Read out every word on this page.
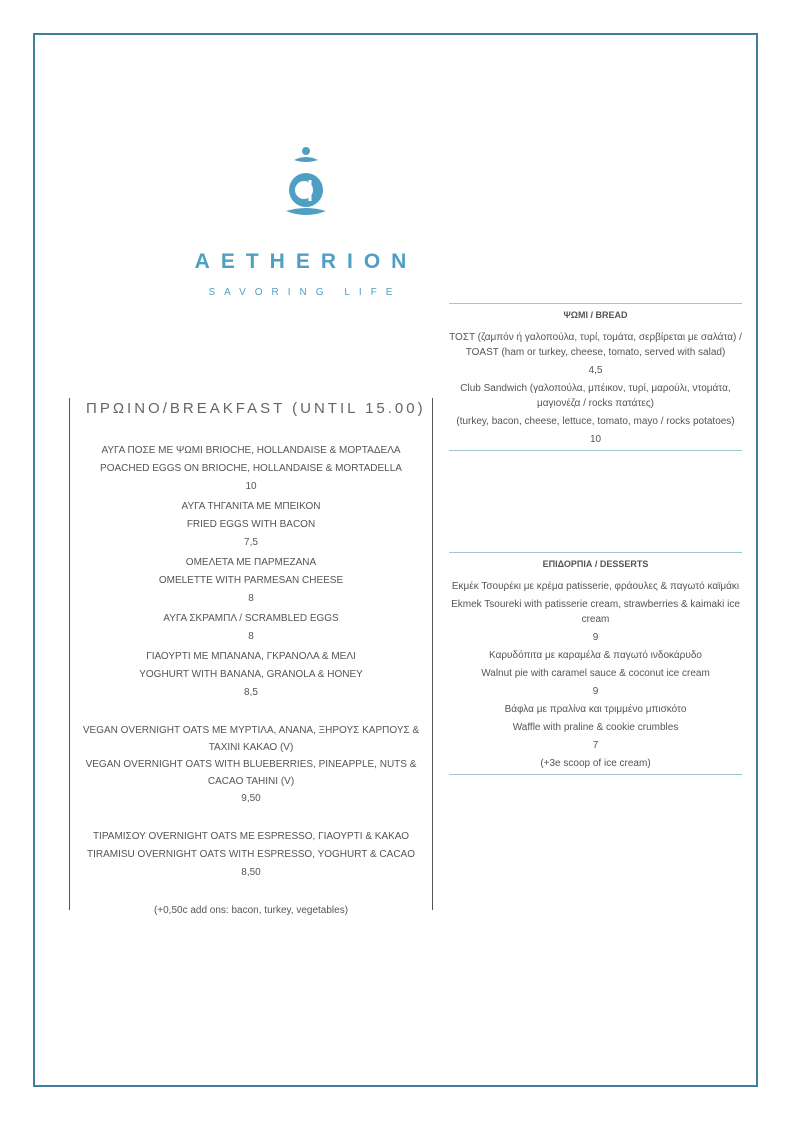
AETHERION
SAVORING LIFE
ΠΡΩΙΝΟ/BREAKFAST (UNTIL 15.00)
ΑΥΓΑ ΠΟΣΕ ΜΕ ΨΩΜΙ BRIOCHE, HOLLANDAISE & ΜΟΡΤΑΔΕΛΑ
POACHED EGGS ON BRIOCHE, HOLLANDAISE & MORTADELLA
10
ΑΥΓΑ ΤΗΓΑΝΙΤΑ ΜΕ ΜΠΕΙΚΟΝ
FRIED EGGS WITH BACON
7,5
ΟΜΕΛΕΤΑ ΜΕ ΠΑΡΜΕΖΑΝΑ
OMELETTE WITH PARMESAN CHEESE
8
ΑΥΓΑ ΣΚΡΑΜΠΛ / SCRAMBLED EGGS
8
ΓΙΑΟΥΡΤΙ ΜΕ ΜΠΑΝΑΝΑ, ΓΚΡΑΝΟΛΑ & ΜΕΛΙ
YOGHURT WITH BANANA, GRANOLA & HONEY
8,5
VEGAN OVERNIGHT OATS ΜΕ ΜΥΡΤΙΛΑ, ΑΝΑΝΑ, ΞΗΡΟΥΣ ΚΑΡΠΟΥΣ & ΤΑΧΙΝΙ ΚΑΚΑΟ (V)
VEGAN OVERNIGHT OATS WITH BLUEBERRIES, PINEAPPLE, NUTS & CACAO TAHINI (V)
9,50
ΤΙΡΑΜΙΣΟΥ OVERNIGHT OATS ΜΕ ESPRESSO, ΓΙΑΟΥΡΤΙ & ΚΑΚΑΟ
TIRAMISU OVERNIGHT OATS WITH ESPRESSO, YOGHURT & CACAO
8,50
(+0,50c add ons: bacon, turkey, vegetables)
ΨΩΜΙ / BREAD
ΤΟΣΤ (ζαμπόν ή γαλοπούλα, τυρί, τομάτα, σερβίρεται με σαλάτα) / TOAST (ham or turkey, cheese, tomato, served with salad)
4,5
Club Sandwich (γαλοπούλα, μπέικον, τυρί, μαρούλι, ντομάτα, μαγιονέζα / rocks πατάτες)
(turkey, bacon, cheese, lettuce, tomato, mayo / rocks potatoes)
10
ΕΠΙΔΟΡΠΙΑ / DESSERTS
Εκμέκ Τσουρέκι με κρέμα patisserie, φράουλες & παγωτό καϊμάκι
Ekmek Tsoureki with patisserie cream, strawberries & kaimaki ice cream
9
Καρυδόπιτα με καραμέλα & παγωτό ινδοκάρυδο
Walnut pie with caramel sauce & coconut ice cream
9
Βάφλα με πραλίνα και τριμμένο μπισκότο
Waffle with praline & cookie crumbles
7
(+3e scoop of ice cream)
